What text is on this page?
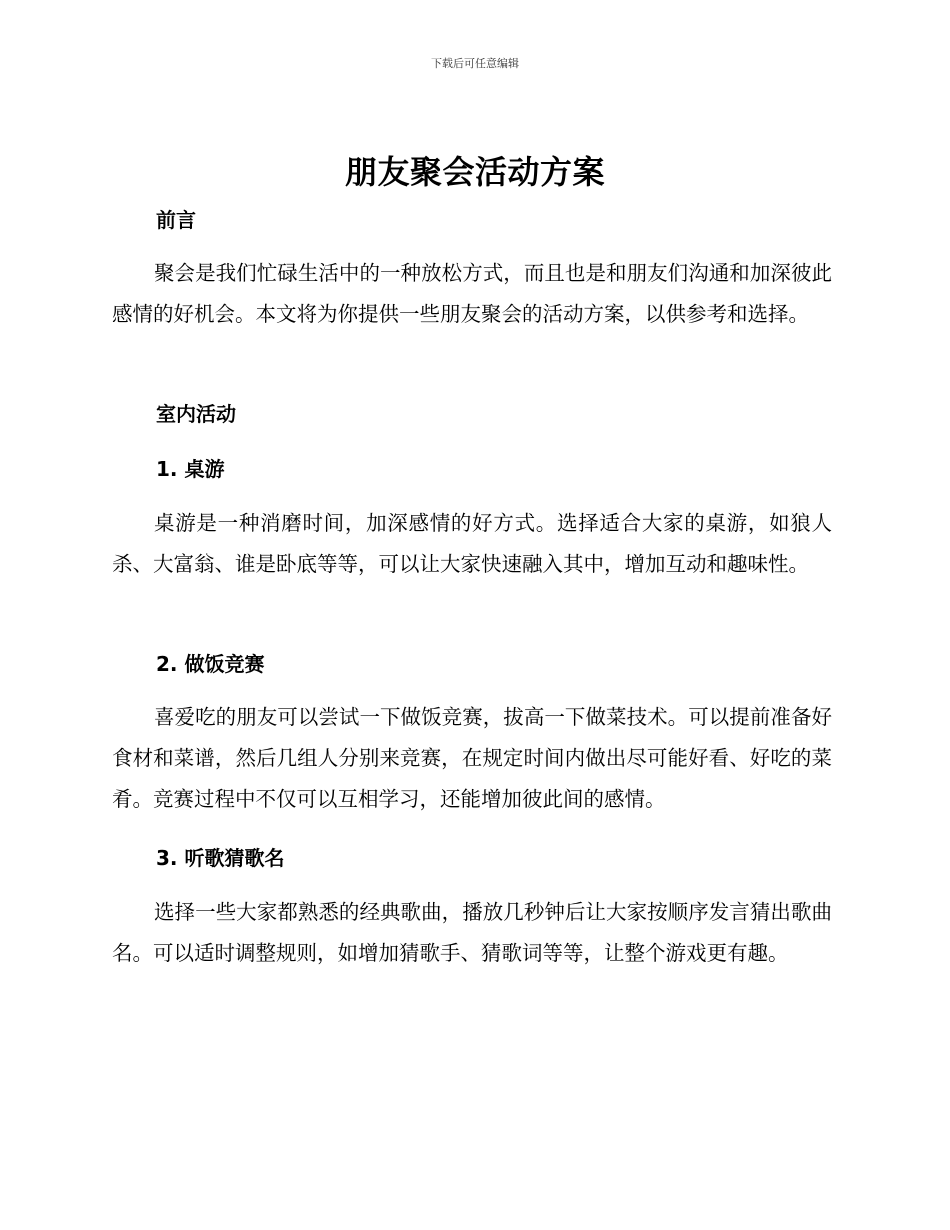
下载后可任意编辑
朋友聚会活动方案
前言

聚会是我们忙碌生活中的一种放松方式，而且也是和朋友们沟通和加深彼此感情的好机会。本文将为你提供一些朋友聚会的活动方案，以供参考和选择。

室内活动
1. 桌游

桌游是一种消磨时间，加深感情的好方式。选择适合大家的桌游，如狼人杀、大富翁、谁是卧底等等，可以让大家快速融入其中，增加互动和趣味性。

2. 做饭竞赛

喜爱吃的朋友可以尝试一下做饭竞赛，拔高一下做菜技术。可以提前准备好食材和菜谱，然后几组人分别来竞赛，在规定时间内做出尽可能好看、好吃的菜肴。竞赛过程中不仅可以互相学习，还能增加彼此间的感情。

3. 听歌猜歌名

选择一些大家都熟悉的经典歌曲，播放几秒钟后让大家按顺序发言猜出歌曲名。可以适时调整规则，如增加猜歌手、猜歌词等等，让整个游戏更有趣。
